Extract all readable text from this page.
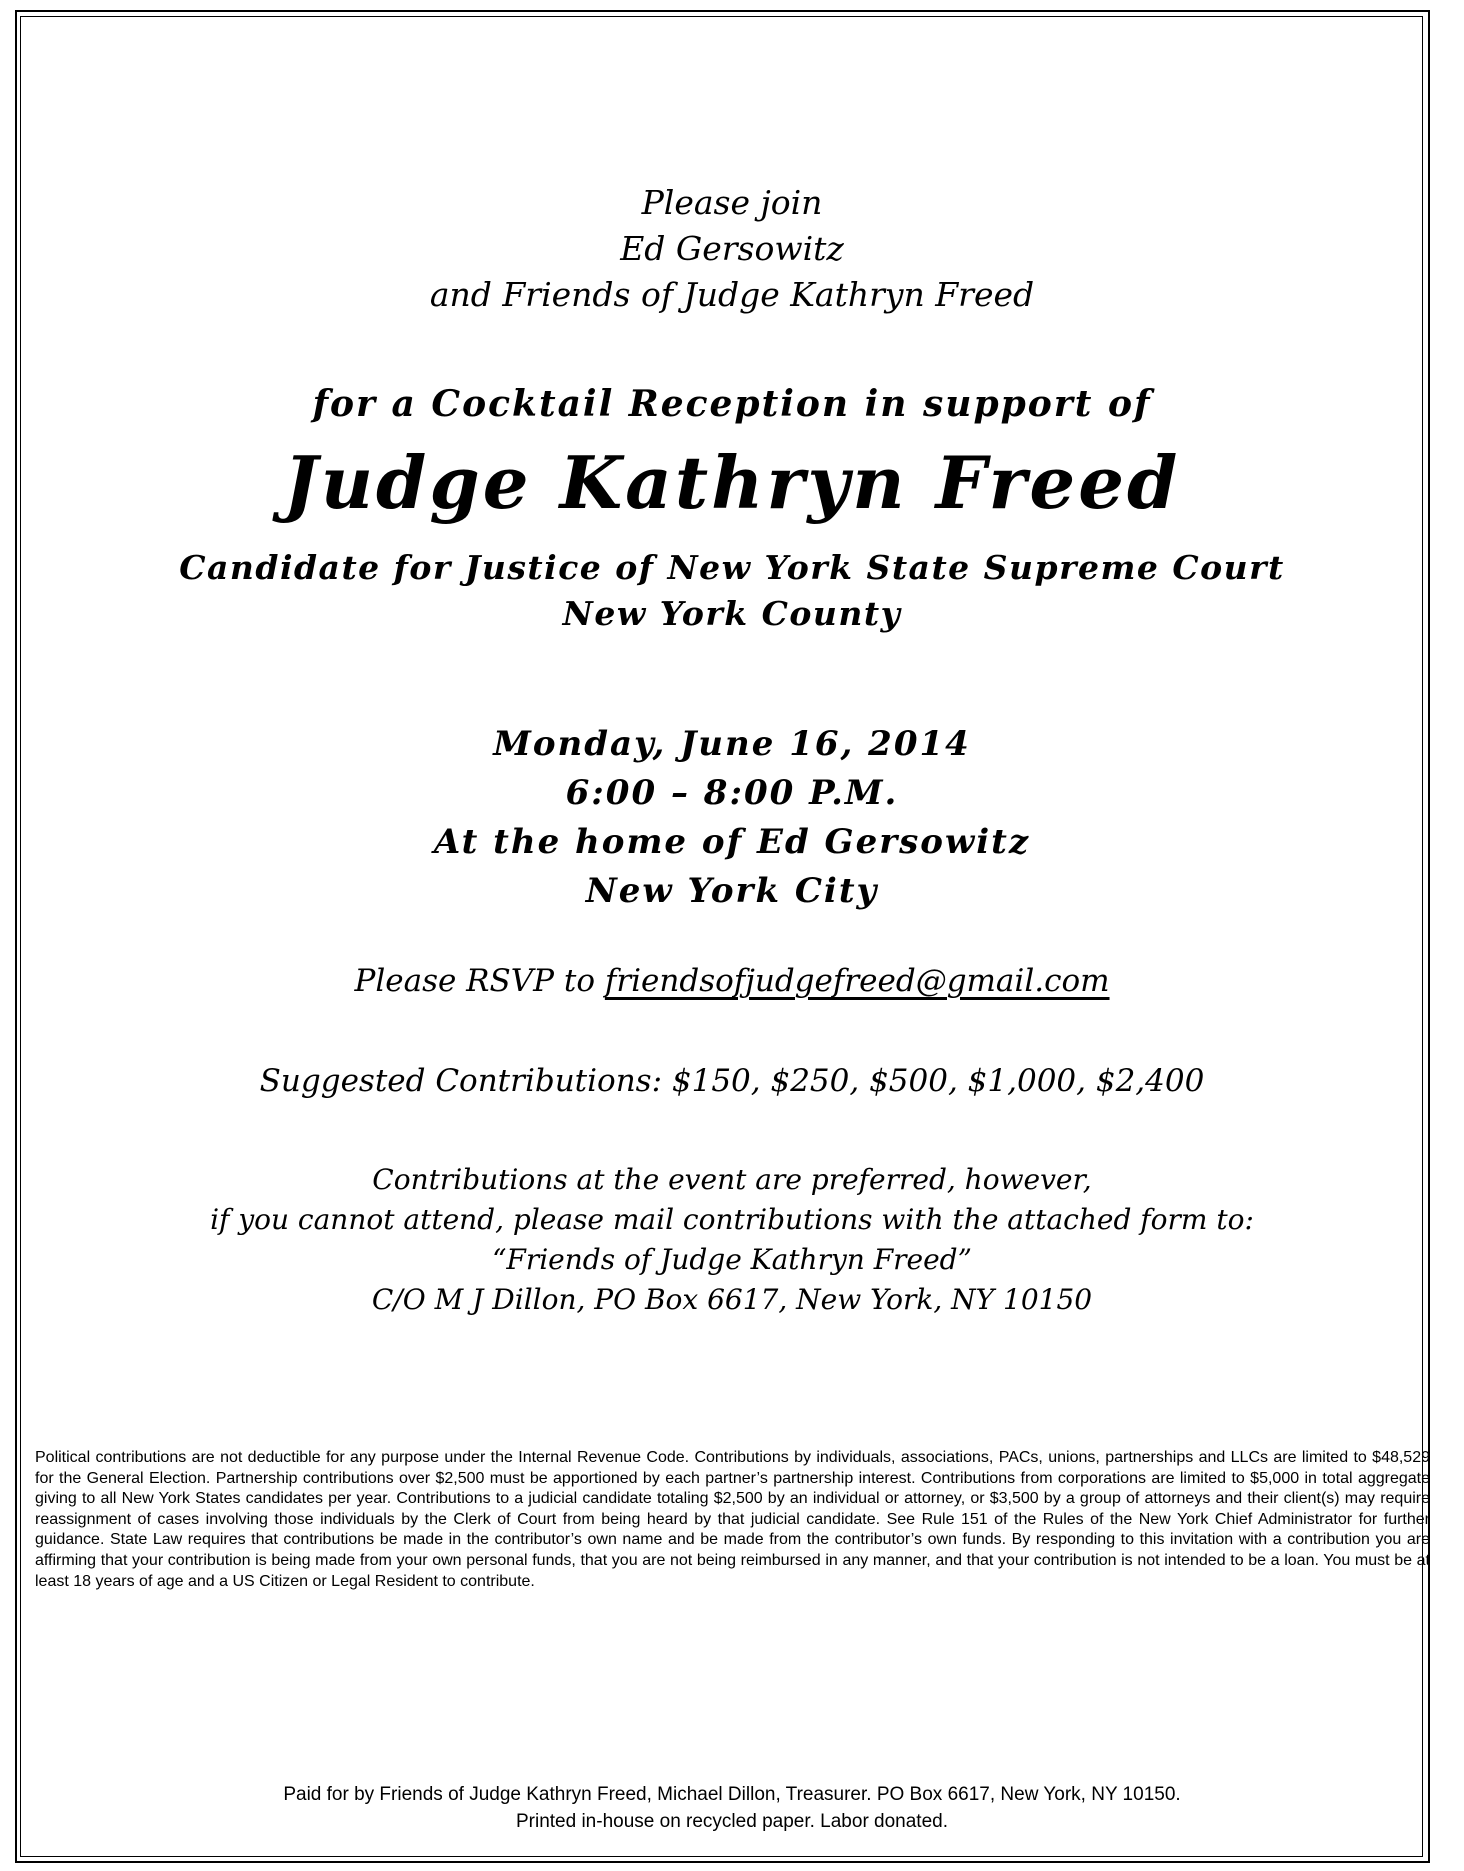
Please join
Ed Gersowitz
and Friends of Judge Kathryn Freed
for a Cocktail Reception in support of
Judge Kathryn Freed
Candidate for Justice of New York State Supreme Court
New York County
Monday, June 16, 2014
6:00 – 8:00 P.M.
At the home of Ed Gersowitz
New York City
Please RSVP to friendsofjudgefreed@gmail.com
Suggested Contributions: $150, $250, $500, $1,000, $2,400
Contributions at the event are preferred, however,
if you cannot attend, please mail contributions with the attached form to:
“Friends of Judge Kathryn Freed”
C/O M J Dillon, PO Box 6617, New York, NY 10150
Political contributions are not deductible for any purpose under the Internal Revenue Code. Contributions by individuals, associations, PACs, unions, partnerships and LLCs are limited to $48,529 for the General Election. Partnership contributions over $2,500 must be apportioned by each partner’s partnership interest. Contributions from corporations are limited to $5,000 in total aggregate giving to all New York States candidates per year. Contributions to a judicial candidate totaling $2,500 by an individual or attorney, or $3,500 by a group of attorneys and their client(s) may require reassignment of cases involving those individuals by the Clerk of Court from being heard by that judicial candidate. See Rule 151 of the Rules of the New York Chief Administrator for further guidance. State Law requires that contributions be made in the contributor’s own name and be made from the contributor’s own funds. By responding to this invitation with a contribution you are affirming that your contribution is being made from your own personal funds, that you are not being reimbursed in any manner, and that your contribution is not intended to be a loan. You must be at least 18 years of age and a US Citizen or Legal Resident to contribute.
Paid for by Friends of Judge Kathryn Freed, Michael Dillon, Treasurer. PO Box 6617, New York, NY 10150.
Printed in-house on recycled paper. Labor donated.
